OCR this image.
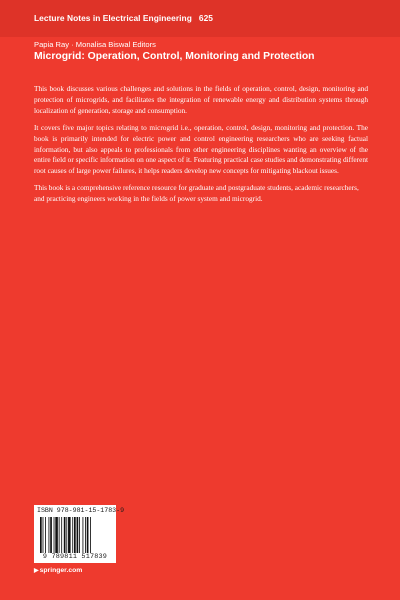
Lecture Notes in Electrical Engineering 625
Papia Ray · Monalisa Biswal Editors
Microgrid: Operation, Control, Monitoring and Protection

This book discusses various challenges and solutions in the fields of operation, control, design, monitoring and protection of microgrids, and facilitates the integration of renewable energy and distribution systems through localization of generation, storage and consumption.

It covers five major topics relating to microgrid i.e., operation, control, design, monitoring and protection. The book is primarily intended for electric power and control engineering researchers who are seeking factual information, but also appeals to professionals from other engineering disciplines wanting an overview of the entire field or specific information on one aspect of it. Featuring practical case studies and demonstrating different root causes of large power failures, it helps readers develop new concepts for mitigating blackout issues.

This book is a comprehensive reference resource for graduate and postgraduate students, academic researchers, and practicing engineers working in the fields of power system and microgrid.

ISBN 978-981-15-1783-9
9 789811 517839
▶springer.com
